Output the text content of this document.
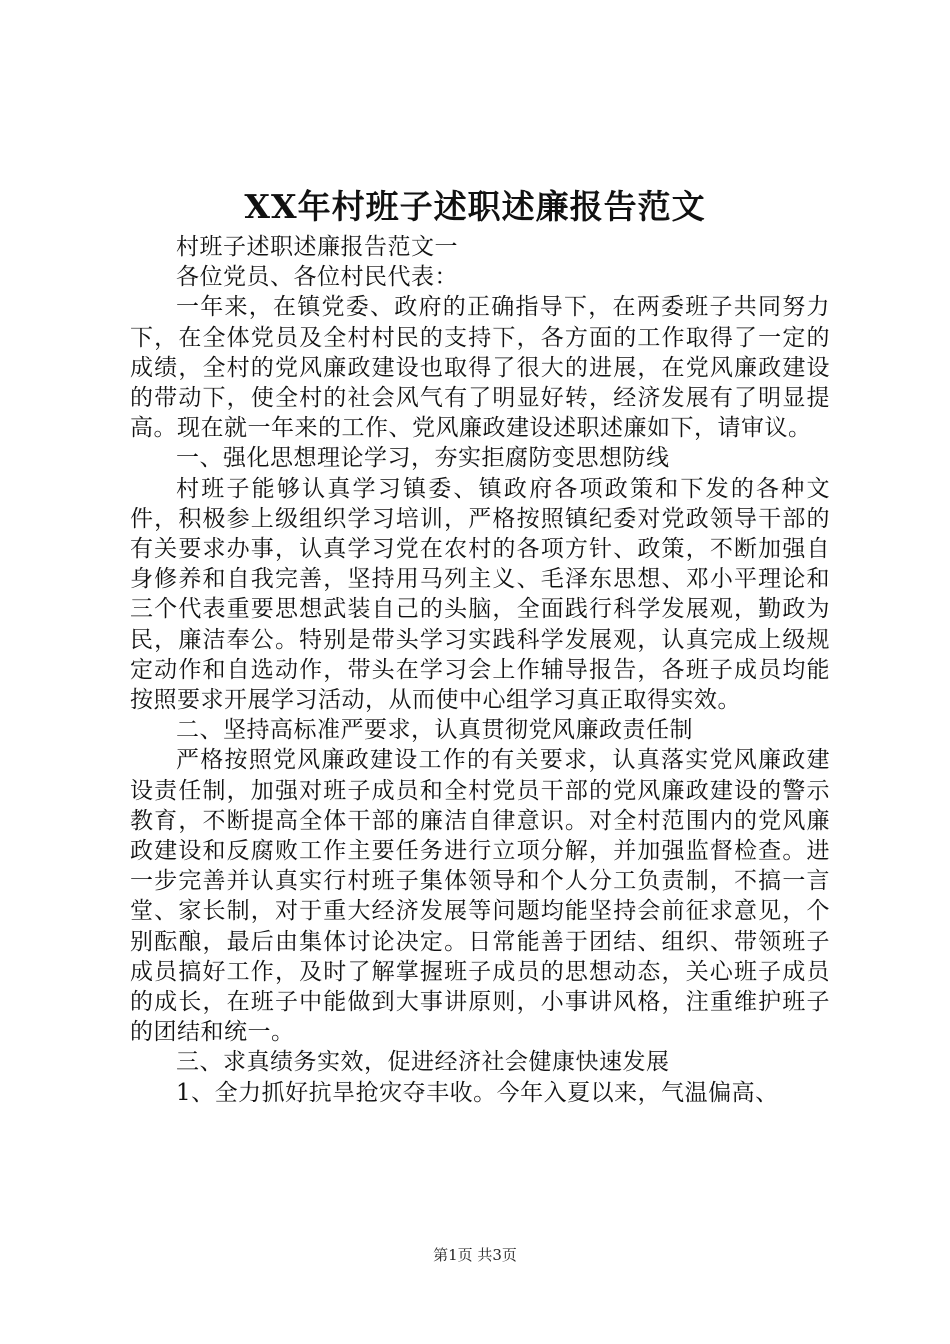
XX年村班子述职述廉报告范文

村班子述职述廉报告范文一

各位党员、各位村民代表：

一年来，在镇党委、政府的正确指导下，在两委班子共同努力下，在全体党员及全村村民的支持下，各方面的工作取得了一定的成绩，全村的党风廉政建设也取得了很大的进展，在党风廉政建设的带动下，使全村的社会风气有了明显好转，经济发展有了明显提高。现在就一年来的工作、党风廉政建设述职述廉如下，请审议。

一、强化思想理论学习，夯实拒腐防变思想防线

村班子能够认真学习镇委、镇政府各项政策和下发的各种文件，积极参上级组织学习培训，严格按照镇纪委对党政领导干部的有关要求办事，认真学习党在农村的各项方针、政策，不断加强自身修养和自我完善，坚持用马列主义、毛泽东思想、邓小平理论和三个代表重要思想武装自己的头脑，全面践行科学发展观，勤政为民，廉洁奉公。特别是带头学习实践科学发展观，认真完成上级规定动作和自选动作，带头在学习会上作辅导报告，各班子成员均能按照要求开展学习活动，从而使中心组学习真正取得实效。

二、坚持高标准严要求，认真贯彻党风廉政责任制

严格按照党风廉政建设工作的有关要求，认真落实党风廉政建设责任制，加强对班子成员和全村党员干部的党风廉政建设的警示教育，不断提高全体干部的廉洁自律意识。对全村范围内的党风廉政建设和反腐败工作主要任务进行立项分解，并加强监督检查。进一步完善并认真实行村班子集体领导和个人分工负责制，不搞一言堂、家长制，对于重大经济发展等问题均能坚持会前征求意见，个别酝酿，最后由集体讨论决定。日常能善于团结、组织、带领班子成员搞好工作，及时了解掌握班子成员的思想动态，关心班子成员的成长，在班子中能做到大事讲原则，小事讲风格，注重维护班子的团结和统一。

三、求真绩务实效，促进经济社会健康快速发展

1、全力抓好抗旱抢灾夺丰收。今年入夏以来，气温偏高、

第1页 共3页
